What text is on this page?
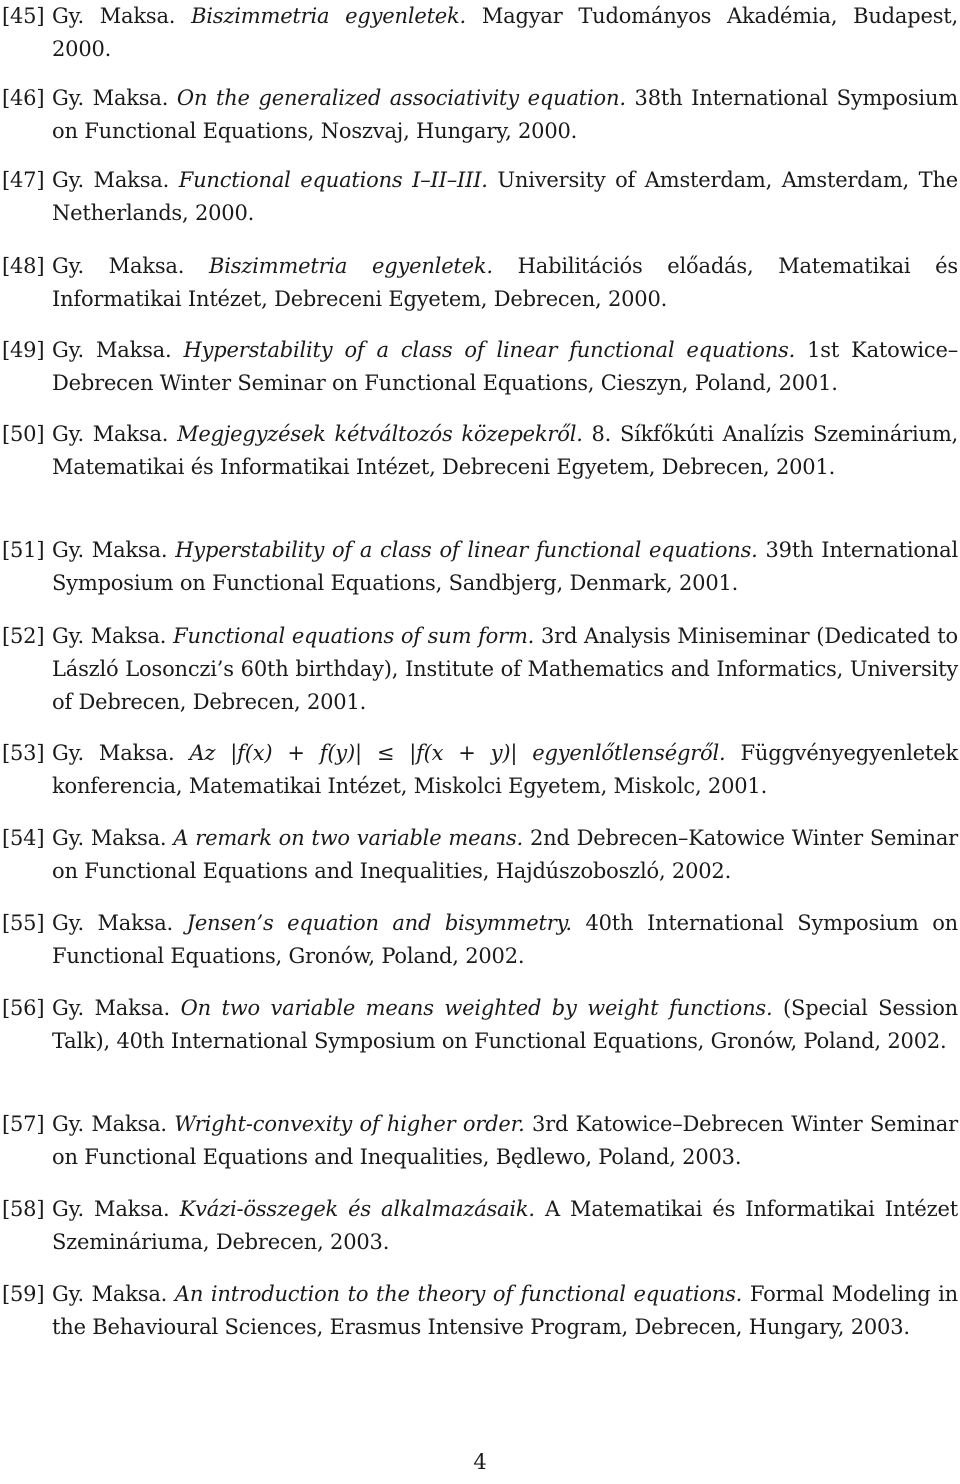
[45] Gy. Maksa. Biszimmetria egyenletek. Magyar Tudományos Akadémia, Budapest, 2000.
[46] Gy. Maksa. On the generalized associativity equation. 38th International Symposium on Functional Equations, Noszvaj, Hungary, 2000.
[47] Gy. Maksa. Functional equations I–II–III. University of Amsterdam, Amsterdam, The Netherlands, 2000.
[48] Gy. Maksa. Biszimmetria egyenletek. Habilitációs előadás, Matematikai és Informatikai Intézet, Debreceni Egyetem, Debrecen, 2000.
[49] Gy. Maksa. Hyperstability of a class of linear functional equations. 1st Katowice–Debrecen Winter Seminar on Functional Equations, Cieszyn, Poland, 2001.
[50] Gy. Maksa. Megjegyzések kétváltozós közepekről. 8. Síkfőkúti Analízis Szeminárium, Matematikai és Informatikai Intézet, Debreceni Egyetem, Debrecen, 2001.
[51] Gy. Maksa. Hyperstability of a class of linear functional equations. 39th International Symposium on Functional Equations, Sandbjerg, Denmark, 2001.
[52] Gy. Maksa. Functional equations of sum form. 3rd Analysis Miniseminar (Dedicated to László Losonczi’s 60th birthday), Institute of Mathematics and Informatics, University of Debrecen, Debrecen, 2001.
[53] Gy. Maksa. Az |f(x) + f(y)| ≤ |f(x + y)| egyenlőtlenségről. Függvényegyenletek konferencia, Matematikai Intézet, Miskolci Egyetem, Miskolc, 2001.
[54] Gy. Maksa. A remark on two variable means. 2nd Debrecen–Katowice Winter Seminar on Functional Equations and Inequalities, Hajdúszoboszló, 2002.
[55] Gy. Maksa. Jensen’s equation and bisymmetry. 40th International Symposium on Functional Equations, Gronów, Poland, 2002.
[56] Gy. Maksa. On two variable means weighted by weight functions. (Special Session Talk), 40th International Symposium on Functional Equations, Gronów, Poland, 2002.
[57] Gy. Maksa. Wright-convexity of higher order. 3rd Katowice–Debrecen Winter Seminar on Functional Equations and Inequalities, Będlewo, Poland, 2003.
[58] Gy. Maksa. Kvázi-összegek és alkalmazásaik. A Matematikai és Informatikai Intézet Szemináriuma, Debrecen, 2003.
[59] Gy. Maksa. An introduction to the theory of functional equations. Formal Modeling in the Behavioural Sciences, Erasmus Intensive Program, Debrecen, Hungary, 2003.
4
